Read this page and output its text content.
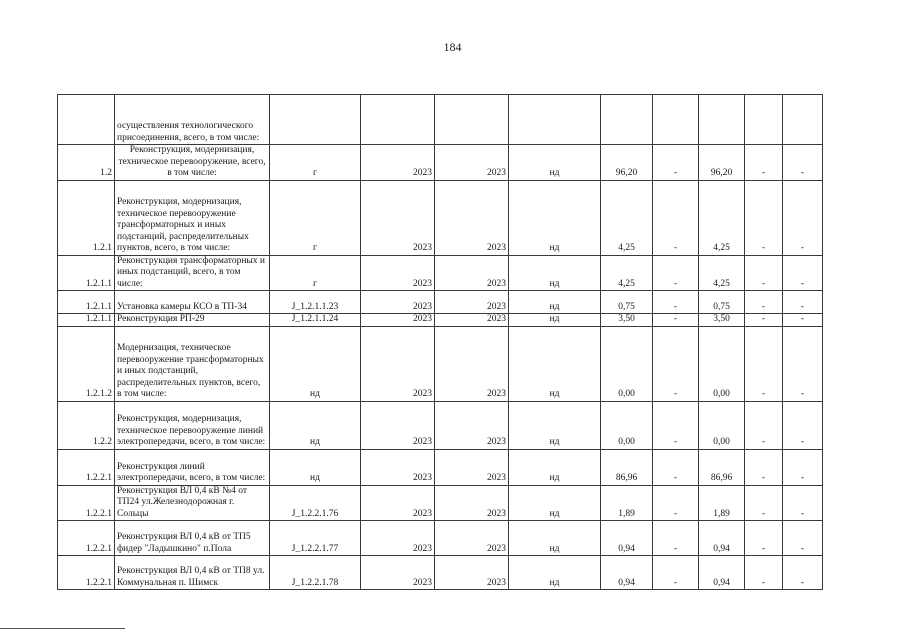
184
	осуществления технологического присоединения, всего, в том числе:									
1.2	Реконструкция, модернизация, техническое перевооружение, всего, в том числе:	г	2023	2023	нд	96,20	-	96,20	-	-
1.2.1	Реконструкция, модернизация, техническое перевооружение трансформаторных и иных подстанций, распределительных пунктов, всего, в том числе:	г	2023	2023	нд	4,25	-	4,25	-	-
1.2.1.1	Реконструкция трансформаторных и иных подстанций, всего, в том числе:	г	2023	2023	нд	4,25	-	4,25	-	-
1.2.1.1	Установка камеры КСО в ТП-34	J_1.2.1.1.23	2023	2023	нд	0,75	-	0,75	-	-
1.2.1.1	Реконструкция РП-29	J_1.2.1.1.24	2023	2023	нд	3,50	-	3,50	-	-
1.2.1.2	Модернизация, техническое перевооружение трансформаторных и иных подстанций, распределительных пунктов, всего, в том числе:	нд	2023	2023	нд	0,00	-	0,00	-	-
1.2.2	Реконструкция, модернизация, техническое перевооружение линий электропередачи, всего, в том числе:	нд	2023	2023	нд	0,00	-	0,00	-	-
1.2.2.1	Реконструкция линий электропередачи, всего, в том числе:	нд	2023	2023	нд	86,96	-	86,96	-	-
1.2.2.1	Реконструкция ВЛ 0,4 кВ №4 от ТП24 ул.Железнодорожная г. Сольцы	J_1.2.2.1.76	2023	2023	нд	1,89	-	1,89	-	-
1.2.2.1	Реконструкция ВЛ 0,4 кВ от ТП5 фидер "Ладышкино" п.Пола	J_1.2.2.1.77	2023	2023	нд	0,94	-	0,94	-	-
1.2.2.1	Реконструкция ВЛ 0,4 кВ от ТП8 ул. Коммунальная п. Шимск	J_1.2.2.1.78	2023	2023	нд	0,94	-	0,94	-	-
